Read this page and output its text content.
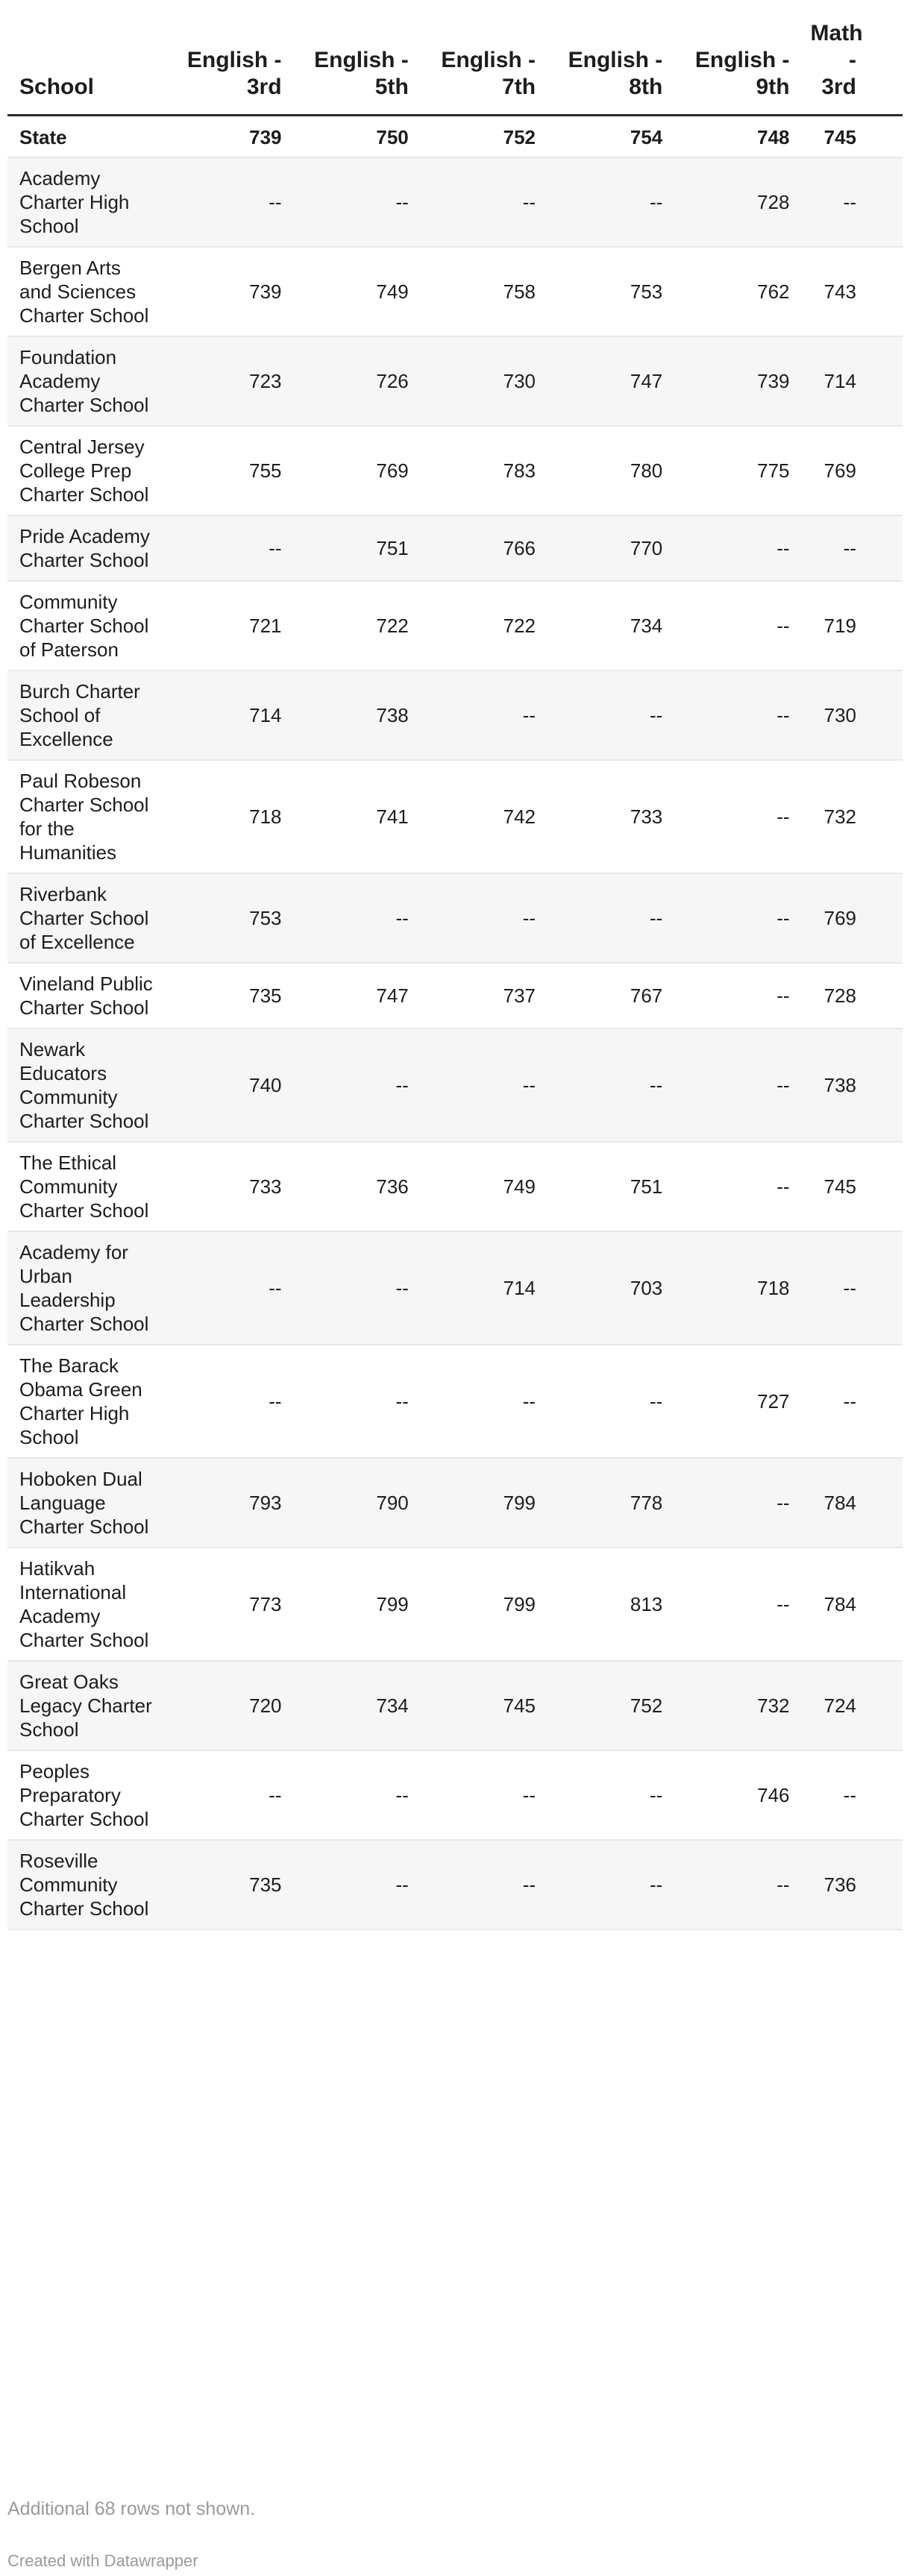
School	English - 3rd	English - 5th	English - 7th	English - 8th	English - 9th	Math - 3rd
State	739	750	752	754	748	745
Academy Charter High School	--	--	--	--	728	--
Bergen Arts and Sciences Charter School	739	749	758	753	762	743
Foundation Academy Charter School	723	726	730	747	739	714
Central Jersey College Prep Charter School	755	769	783	780	775	769
Pride Academy Charter School	--	751	766	770	--	--
Community Charter School of Paterson	721	722	722	734	--	719
Burch Charter School of Excellence	714	738	--	--	--	730
Paul Robeson Charter School for the Humanities	718	741	742	733	--	732
Riverbank Charter School of Excellence	753	--	--	--	--	769
Vineland Public Charter School	735	747	737	767	--	728
Newark Educators Community Charter School	740	--	--	--	--	738
The Ethical Community Charter School	733	736	749	751	--	745
Academy for Urban Leadership Charter School	--	--	714	703	718	--
The Barack Obama Green Charter High School	--	--	--	--	727	--
Hoboken Dual Language Charter School	793	790	799	778	--	784
Hatikvah International Academy Charter School	773	799	799	813	--	784
Great Oaks Legacy Charter School	720	734	745	752	732	724
Peoples Preparatory Charter School	--	--	--	--	746	--
Roseville Community Charter School	735	--	--	--	--	736
Additional 68 rows not shown.
Created with Datawrapper
